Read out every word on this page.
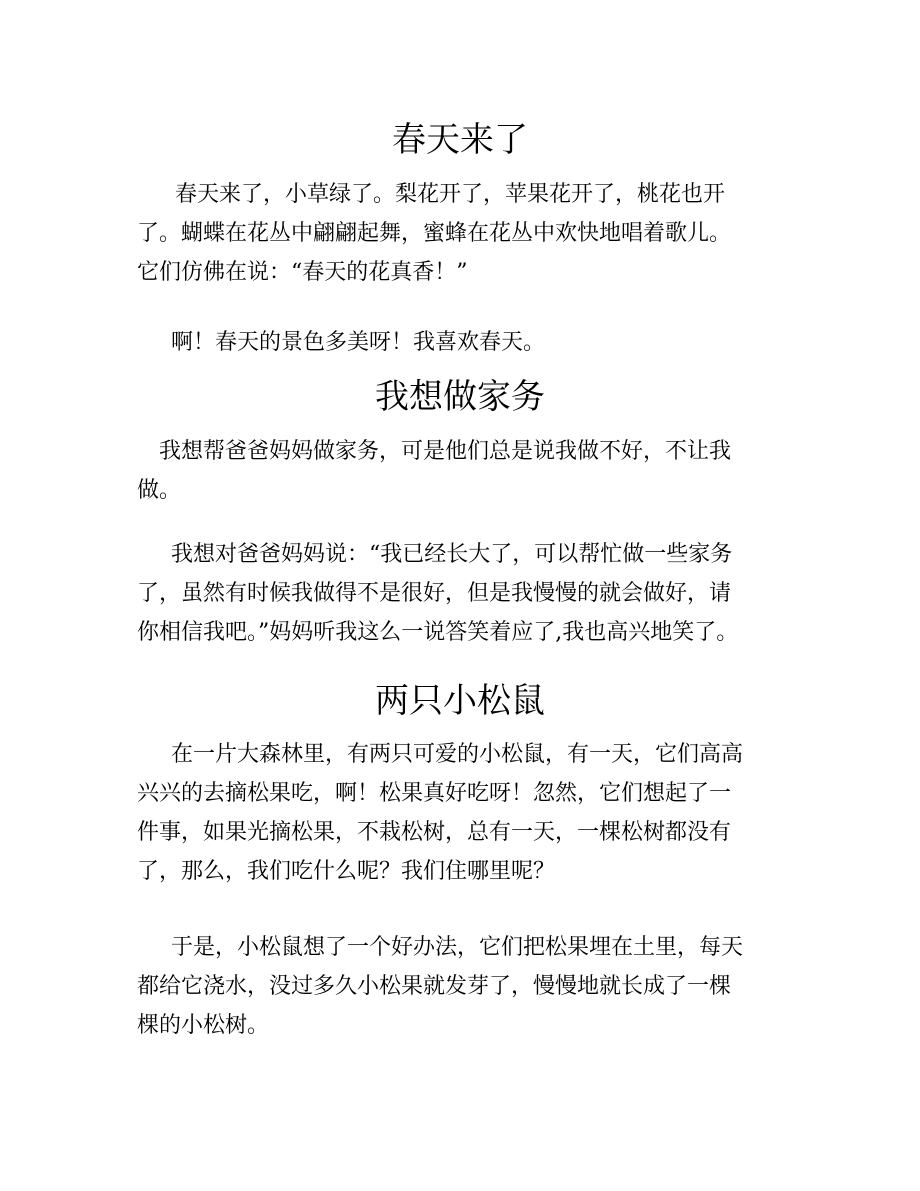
春天来了
春天来了，小草绿了。梨花开了，苹果花开了，桃花也开
了。蝴蝶在花丛中翩翩起舞，蜜蜂在花丛中欢快地唱着歌儿。
它们仿佛在说：“春天的花真香！”
啊！春天的景色多美呀！我喜欢春天。
我想做家务
我想帮爸爸妈妈做家务，可是他们总是说我做不好，不让我
做。
我想对爸爸妈妈说：“我已经长大了，可以帮忙做一些家务
了，虽然有时候我做得不是很好，但是我慢慢的就会做好，请
你相信我吧。”妈妈听我这么一说答笑着应了,我也高兴地笑了。
两只小松鼠
在一片大森林里，有两只可爱的小松鼠，有一天，它们高高
兴兴的去摘松果吃，啊！松果真好吃呀！忽然，它们想起了一
件事，如果光摘松果，不栽松树，总有一天，一棵松树都没有
了，那么，我们吃什么呢？我们住哪里呢？
于是，小松鼠想了一个好办法，它们把松果埋在土里，每天
都给它浇水，没过多久小松果就发芽了，慢慢地就长成了一棵
棵的小松树。
